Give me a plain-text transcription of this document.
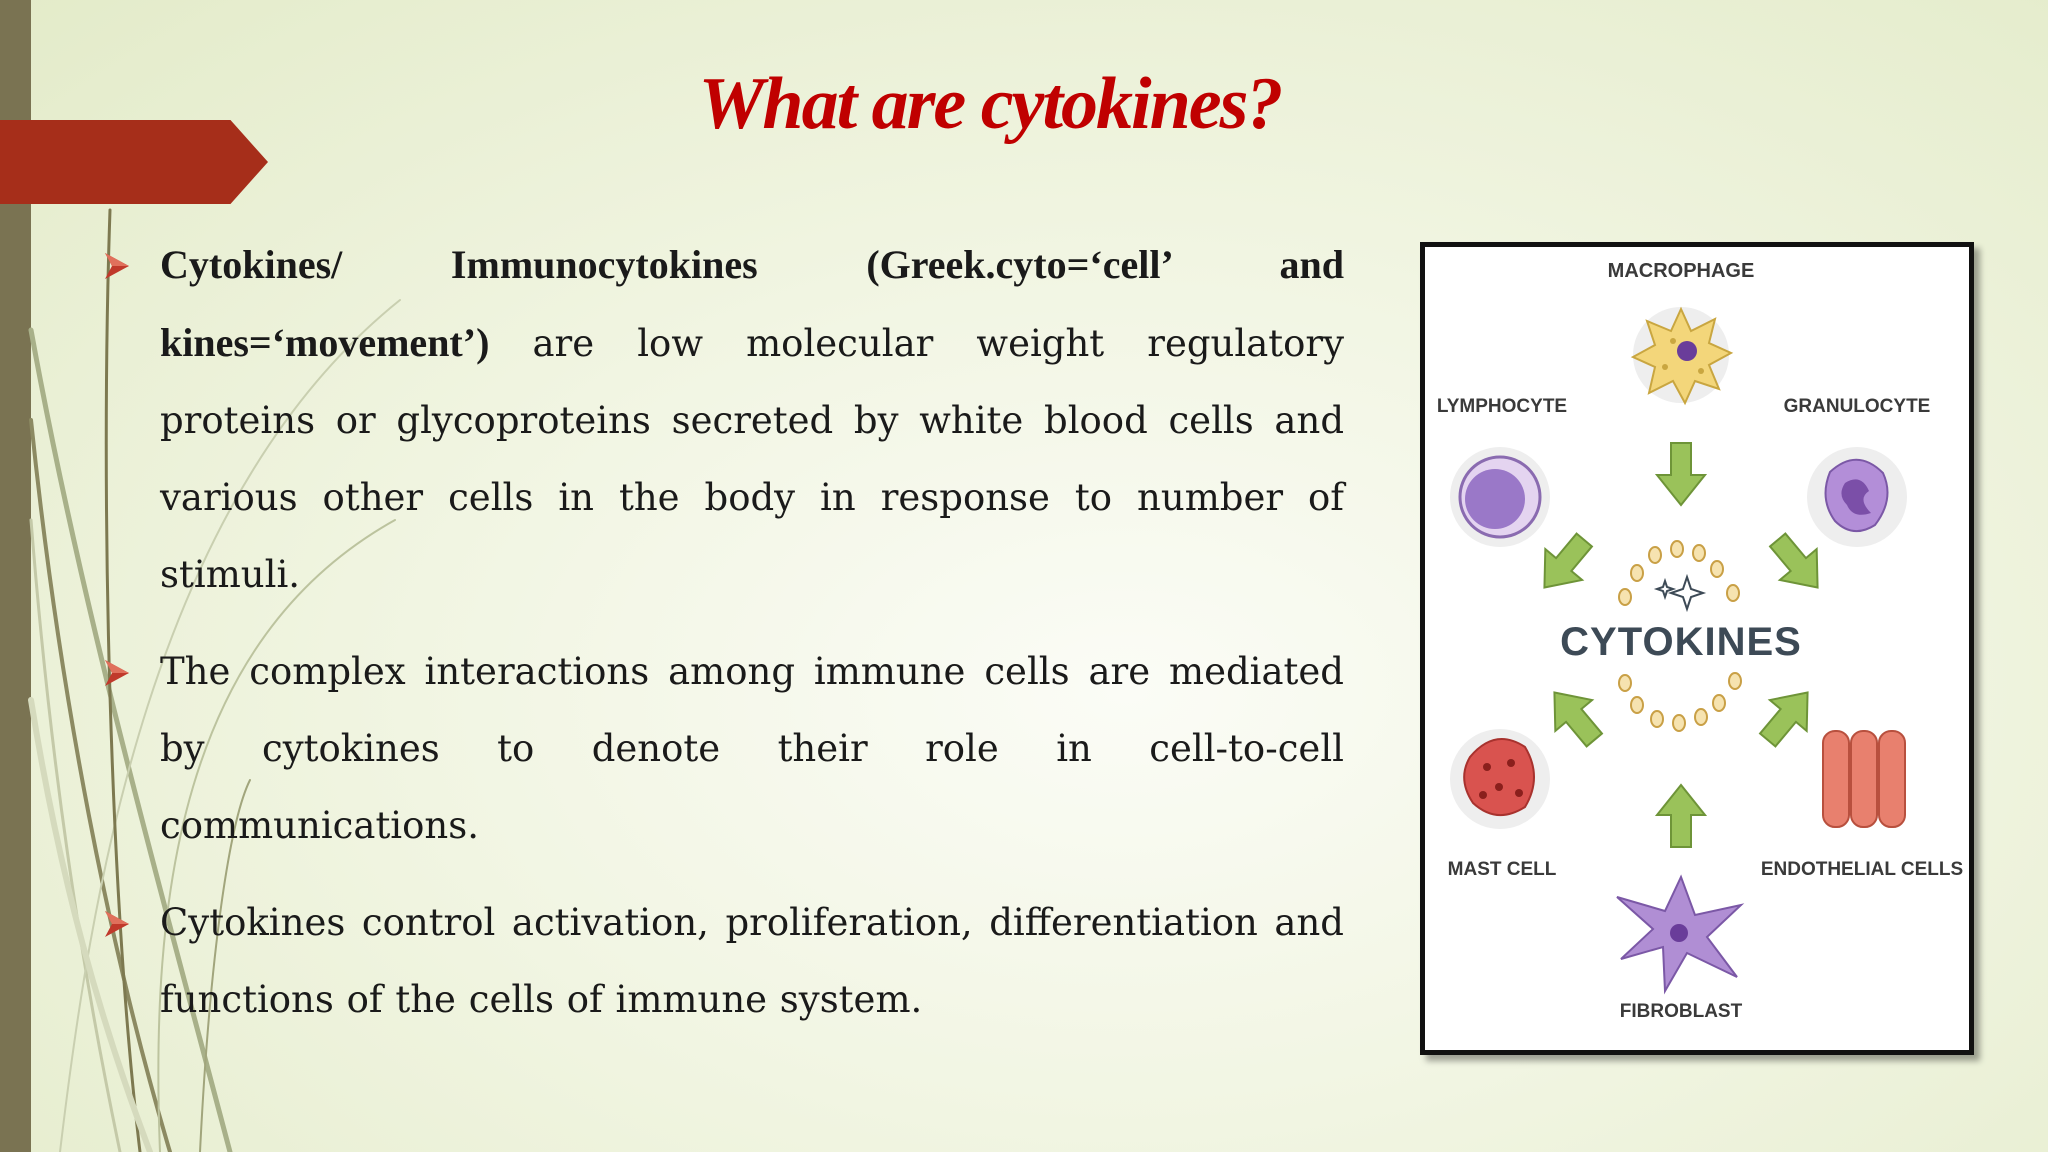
What are cytokines?

Cytokines/ Immunocytokines (Greek.cyto=‘cell’ and kines=‘movement’) are low molecular weight regulatory proteins or glycoproteins secreted by white blood cells and various other cells in the body in response to number of stimuli.

The complex interactions among immune cells are mediated by cytokines to denote their role in cell-to-cell communications.

Cytokines control activation, proliferation, differentiation and functions of the cells of immune system.

MACROPHAGE
LYMPHOCYTE	GRANULOCYTE
MAST CELL	ENDOTHELIAL CELLS
FIBROBLAST
CYTOKINES
